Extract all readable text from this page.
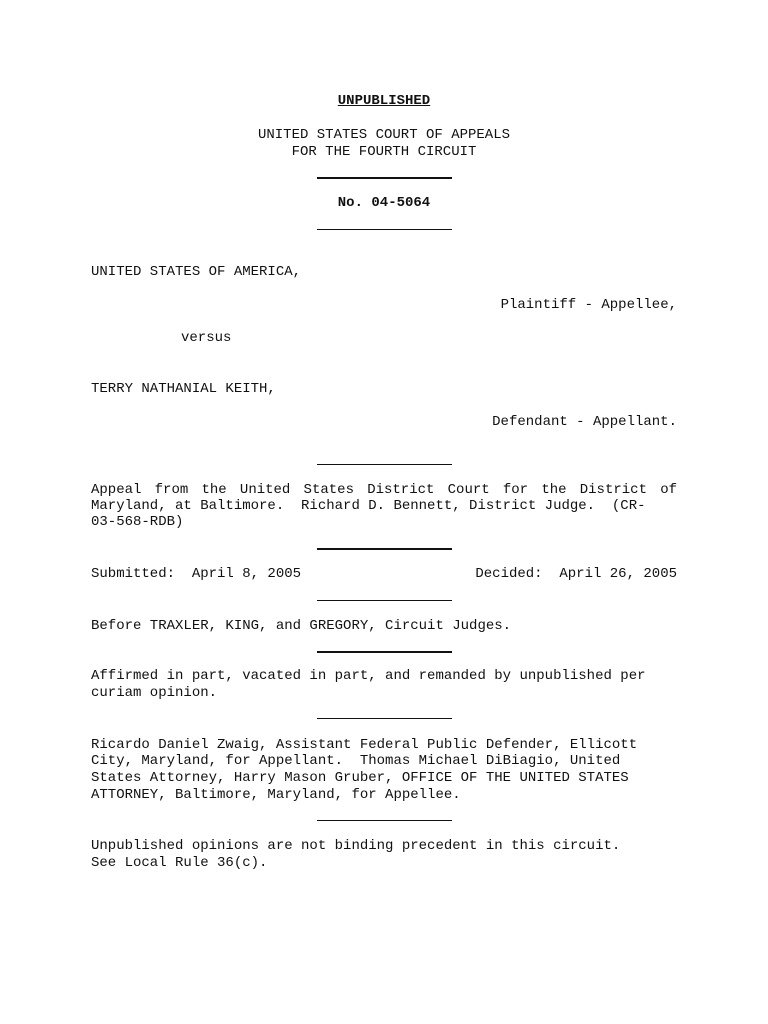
UNPUBLISHED
UNITED STATES COURT OF APPEALS
FOR THE FOURTH CIRCUIT
No. 04-5064
UNITED STATES OF AMERICA,
Plaintiff - Appellee,
versus
TERRY NATHANIAL KEITH,
Defendant - Appellant.
Appeal from the United States District Court for the District of
Maryland, at Baltimore.  Richard D. Bennett, District Judge.  (CR-
03-568-RDB)
Submitted:  April 8, 2005	Decided:  April 26, 2005
Before TRAXLER, KING, and GREGORY, Circuit Judges.
Affirmed in part, vacated in part, and remanded by unpublished per
curiam opinion.
Ricardo Daniel Zwaig, Assistant Federal Public Defender, Ellicott
City, Maryland, for Appellant.  Thomas Michael DiBiagio, United
States Attorney, Harry Mason Gruber, OFFICE OF THE UNITED STATES
ATTORNEY, Baltimore, Maryland, for Appellee.
Unpublished opinions are not binding precedent in this circuit.
See Local Rule 36(c).
